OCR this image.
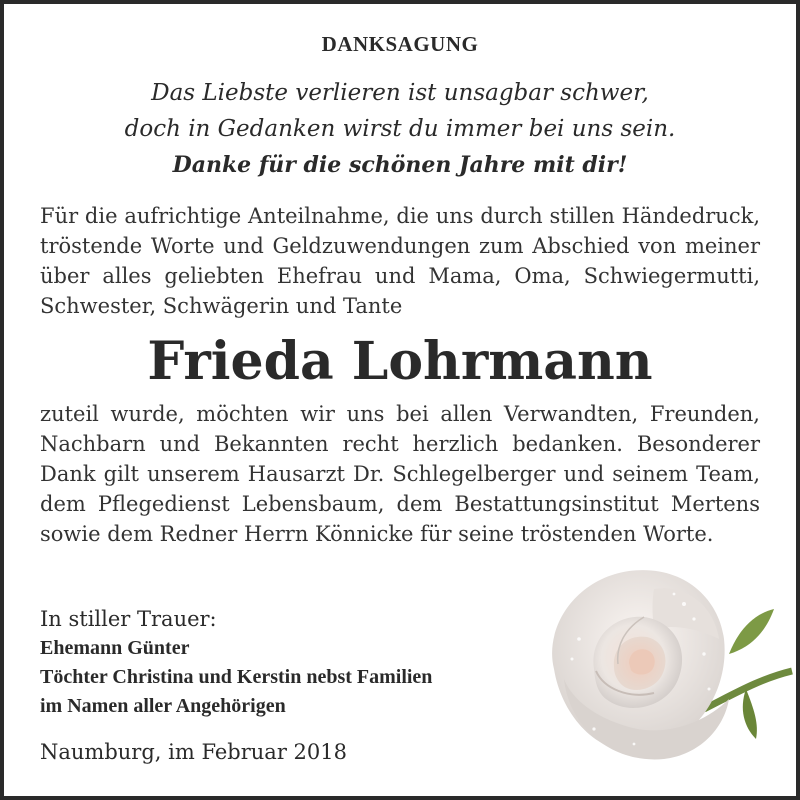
DANKSAGUNG
Das Liebste verlieren ist unsagbar schwer,
doch in Gedanken wirst du immer bei uns sein.
Danke für die schönen Jahre mit dir!

Für die aufrichtige Anteilnahme, die uns durch stillen Händedruck, tröstende Worte und Geldzuwendungen zum Abschied von meiner über alles geliebten Ehefrau und Mama, Oma, Schwiegermutti, Schwester, Schwägerin und Tante

Frieda Lohrmann

zuteil wurde, möchten wir uns bei allen Verwandten, Freunden, Nachbarn und Bekannten recht herzlich bedanken. Besonderer Dank gilt unserem Hausarzt Dr. Schlegelberger und seinem Team, dem Pflegedienst Lebensbaum, dem Bestattungsinstitut Mertens sowie dem Redner Herrn Könnicke für seine tröstenden Worte.

In stiller Trauer:
Ehemann Günter
Töchter Christina und Kerstin nebst Familien
im Namen aller Angehörigen
Naumburg, im Februar 2018
